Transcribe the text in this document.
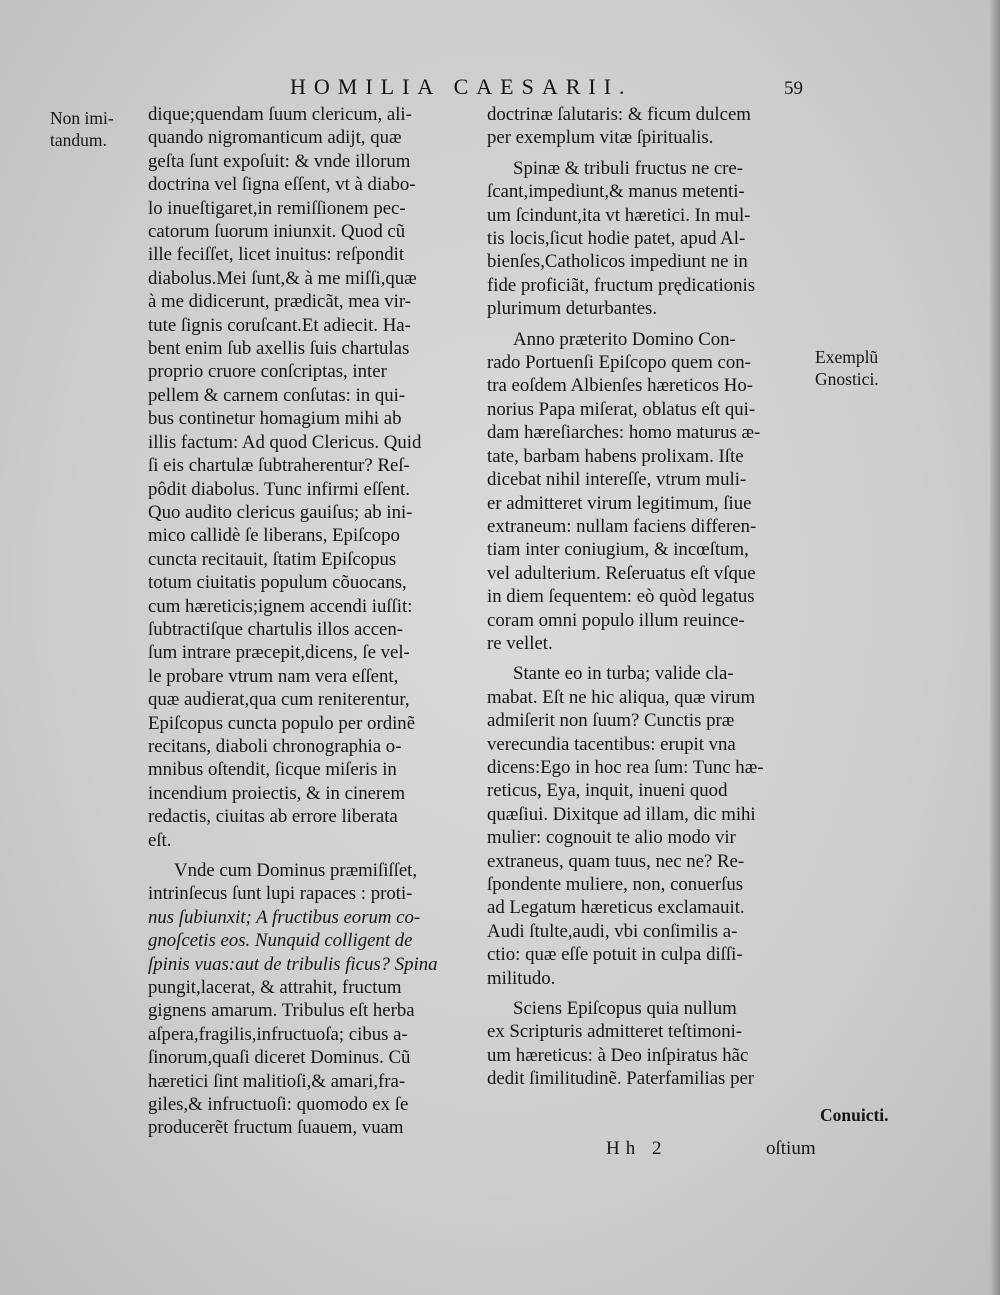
HOMILIA CAESARII.	59
Non imi-
tandum.
Exemplũ
Gnostici.
Conuicti.
dique;quendam ſuum clericum, ali-
quando nigromanticum adijt, quæ
geſta ſunt expoſuit: & vnde illorum
doctrina vel ſigna eſſent, vt à diabo-
lo inueſtigaret,in remiſſionem pec-
catorum ſuorum iniunxit. Quod cũ
ille feciſſet, licet inuitus: reſpondit
diabolus.Mei ſunt,& à me miſſi,quæ
à me didicerunt, prædicãt, mea vir-
tute ſignis coruſcant.Et adiecit. Ha-
bent enim ſub axellis ſuis chartulas
proprio cruore conſcriptas, inter
pellem & carnem conſutas: in qui-
bus continetur homagium mihi ab
illis factum: Ad quod Clericus. Quid
ſi eis chartulæ ſubtraherentur? Reſ-
pôdit diabolus. Tunc infirmi eſſent.
Quo audito clericus gauiſus; ab ini-
mico callidè ſe liberans, Epiſcopo
cuncta recitauit, ſtatim Epiſcopus
totum ciuitatis populum cõuocans,
cum hæreticis;ignem accendi iuſſit:
ſubtractiſque chartulis illos accen-
ſum intrare præcepit,dicens, ſe vel-
le probare vtrum nam vera eſſent,
quæ audierat,qua cum reniterentur,
Epiſcopus cuncta populo per ordinẽ
recitans, diaboli chronographia o-
mnibus oſtendit, ſicque miſeris in
incendium proiectis, & in cinerem
redactis, ciuitas ab errore liberata
eſt.
Vnde cum Dominus præmiſiſſet,
intrinſecus ſunt lupi rapaces : proti-
nus ſubiunxit; A fructibus eorum co-
gnoſcetis eos. Nunquid colligent de
ſpinis vuas:aut de tribulis ficus? Spina
pungit,lacerat, & attrahit, fructum
gignens amarum. Tribulus eſt herba
aſpera,fragilis,infructuoſa; cibus a-
ſinorum,quaſi diceret Dominus. Cũ
hæretici ſint malitioſi,& amari,fra-
giles,& infructuoſi: quomodo ex ſe
producerẽt fructum ſuauem, vuam
doctrinæ ſalutaris: & ficum dulcem
per exemplum vitæ ſpiritualis.
Spinæ & tribuli fructus ne cre-
ſcant,impediunt,& manus metenti-
um ſcindunt,ita vt hæretici. In mul-
tis locis,ſicut hodie patet, apud Al-
bienſes,Catholicos impediunt ne in
fide proficiãt, fructum prędicationis
plurimum deturbantes.
Anno præterito Domino Con-
rado Portuenſi Epiſcopo quem con-
tra eoſdem Albienſes hæreticos Ho-
norius Papa miſerat, oblatus eſt qui-
dam hæreſiarches: homo maturus æ-
tate, barbam habens prolixam. Iſte
dicebat nihil intereſſe, vtrum muli-
er admitteret virum legitimum, ſiue
extraneum: nullam faciens differen-
tiam inter coniugium, & incœſtum,
vel adulterium. Reſeruatus eſt vſque
in diem ſequentem: eò quòd legatus
coram omni populo illum reuince-
re vellet.
Stante eo in turba; valide cla-
mabat. Eſt ne hic aliqua, quæ virum
admiſerit non ſuum? Cunctis præ
verecundia tacentibus: erupit vna
dicens:Ego in hoc rea ſum: Tunc hæ-
reticus, Eya, inquit, inueni quod
quæſiui. Dixitque ad illam, dic mihi
mulier: cognouit te alio modo vir
extraneus, quam tuus, nec ne? Re-
ſpondente muliere, non, conuerſus
ad Legatum hæreticus exclamauit.
Audi ſtulte,audi, vbi conſimilis a-
ctio: quæ eſſe potuit in culpa diſſi-
militudo.
Sciens Epiſcopus quia nullum
ex Scripturis admitteret teſtimoni-
um hæreticus: à Deo inſpiratus hãc
dedit ſimilitudinẽ. Paterfamilias per
Hh 2	oſtium
